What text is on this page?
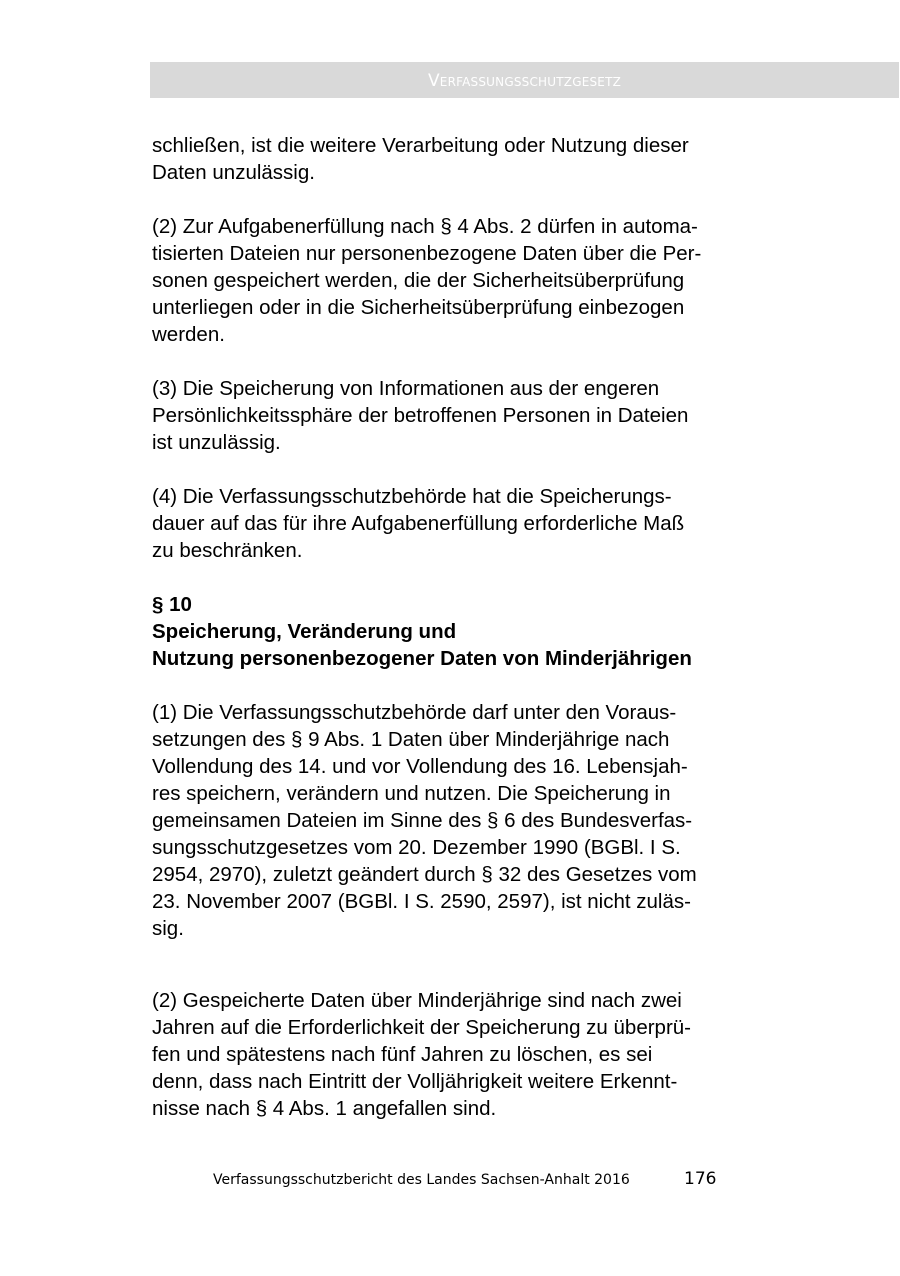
Verfassungsschutzgesetz

schließen, ist die weitere Verarbeitung oder Nutzung dieser
Daten unzulässig.

(2) Zur Aufgabenerfüllung nach § 4 Abs. 2 dürfen in automa-
tisierten Dateien nur personenbezogene Daten über die Per-
sonen gespeichert werden, die der Sicherheitsüberprüfung
unterliegen oder in die Sicherheitsüberprüfung einbezogen
werden.

(3) Die Speicherung von Informationen aus der engeren
Persönlichkeitssphäre der betroffenen Personen in Dateien
ist unzulässig.

(4) Die Verfassungsschutzbehörde hat die Speicherungs-
dauer auf das für ihre Aufgabenerfüllung erforderliche Maß
zu beschränken.

§ 10

Speicherung, Veränderung und

Nutzung personenbezogener Daten von Minderjährigen

(1) Die Verfassungsschutzbehörde darf unter den Voraus-
setzungen des § 9 Abs. 1 Daten über Minderjährige nach
Vollendung des 14. und vor Vollendung des 16. Lebensjah-
res speichern, verändern und nutzen. Die Speicherung in
gemeinsamen Dateien im Sinne des § 6 des Bundesverfas-
sungsschutzgesetzes vom 20. Dezember 1990 (BGBl. I S.
2954, 2970), zuletzt geändert durch § 32 des Gesetzes vom
23. November 2007 (BGBl. I S. 2590, 2597), ist nicht zuläs-
sig.

(2) Gespeicherte Daten über Minderjährige sind nach zwei
Jahren auf die Erforderlichkeit der Speicherung zu überprü-
fen und spätestens nach fünf Jahren zu löschen, es sei
denn, dass nach Eintritt der Volljährigkeit weitere Erkennt-
nisse nach § 4 Abs. 1 angefallen sind.

Verfassungsschutzbericht des Landes Sachsen-Anhalt 2016	176
